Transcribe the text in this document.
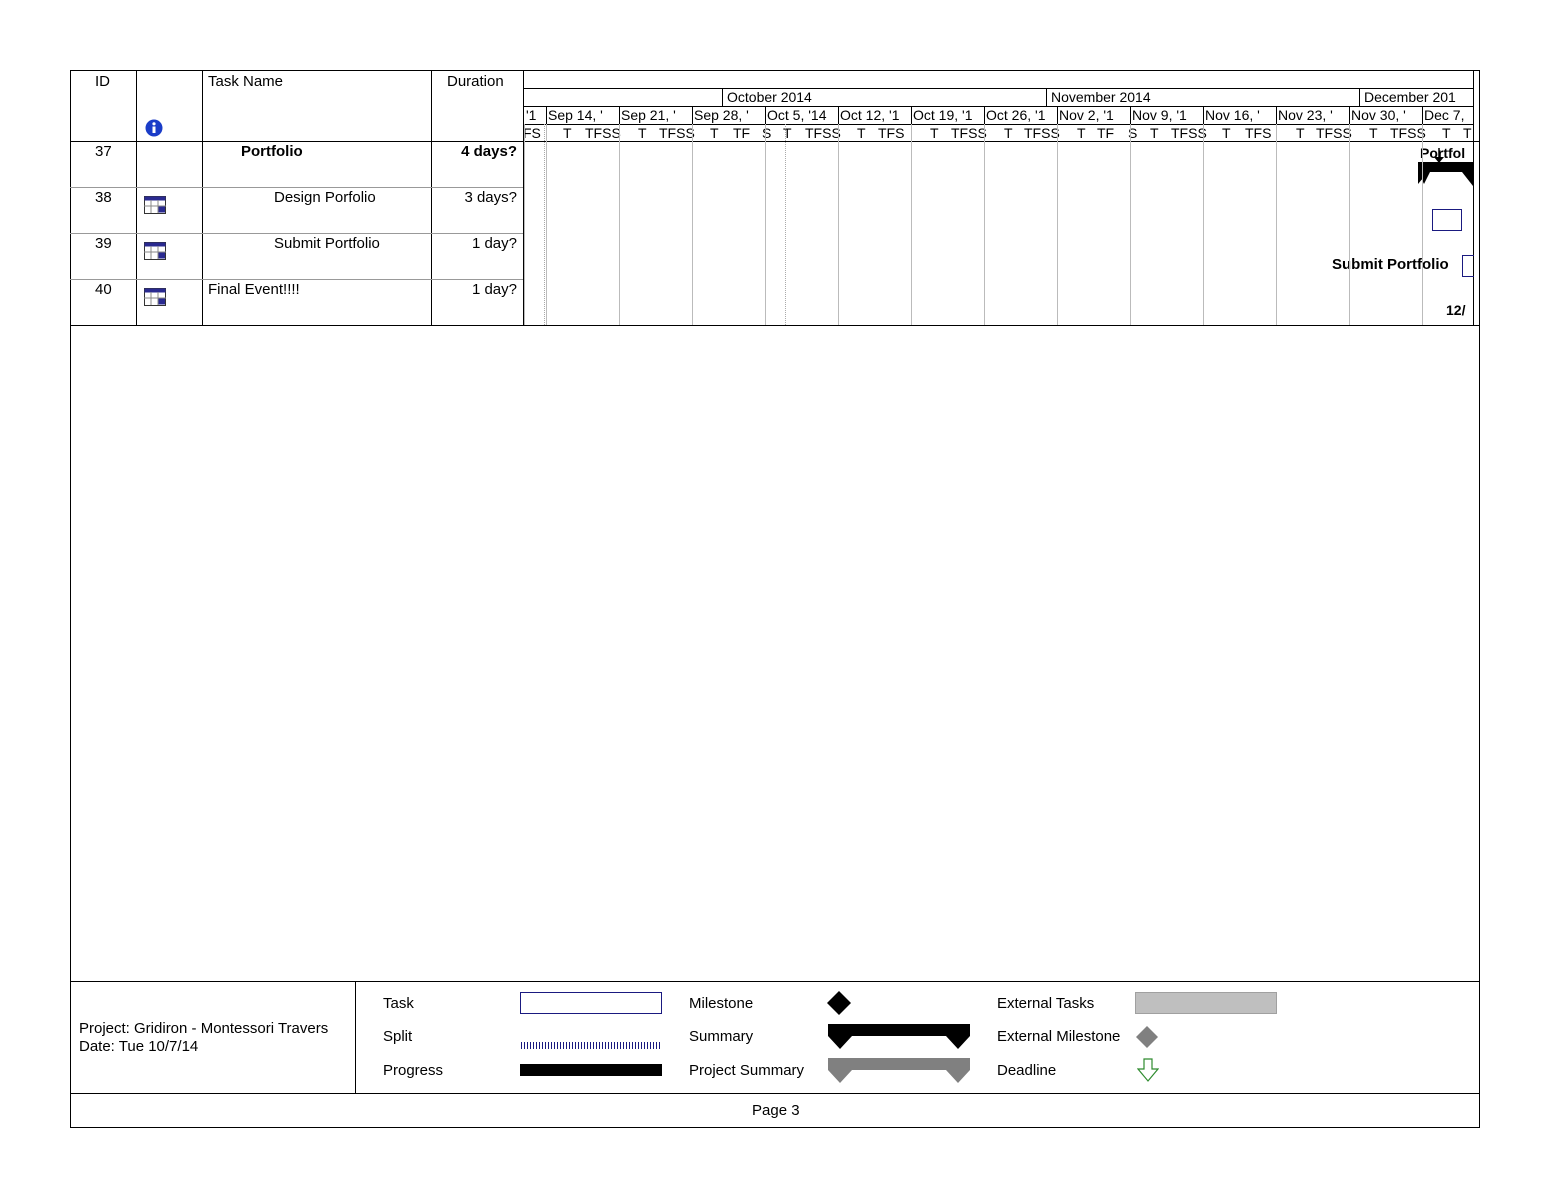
ID	Task Name	Duration
Portfol
Submit Portfolio
12/
Project: Gridiron - Montessori Travers
Date: Tue 10/7/14
Task
Split
Progress
Milestone
Summary
Project Summary
External Tasks
External Milestone
Deadline
Page 3
October 2014	November 2014	December 201
'1 Sep 14, '	Sep 21, '	Sep 28, '	Oct 5, '14 Oct 12, '1 Oct 19, '1 Oct 26, '1 Nov 2, '1	Nov 9, '1	Nov 16, '	Nov 23, '	Nov 30, '	Dec 7,
FS T TFSS T TFSS T TF S T TFSS T TFS T TFSS T TFSS T TF S T TFSS T TFS T TFSS T TFSS T T
37	Portfolio	4 days?
38	Design Porfolio	3 days?
39	Submit Portfolio	1 day?
40	Final Event!!!!	1 day?
